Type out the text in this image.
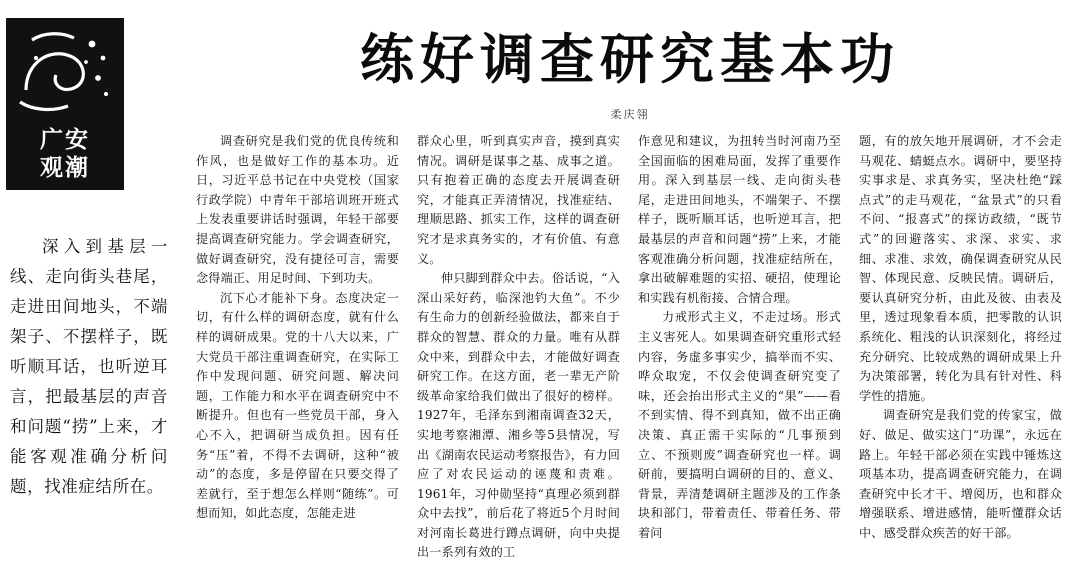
广安
观潮
深入到基层一线、走向街头巷尾，走进田间地头，不端架子、不摆样子，既听顺耳话，也听逆耳言，把最基层的声音和问题“捞”上来，才能客观准确分析问题，找准症结所在。
练好调查研究基本功
柔庆翎

调查研究是我们党的优良传统和作风，也是做好工作的基本功。近日，习近平总书记在中央党校（国家行政学院）中青年干部培训班开班式上发表重要讲话时强调，年轻干部要提高调查研究能力。学会调查研究，做好调查研究，没有捷径可言，需要念得端正、用足时间、下到功夫。

沉下心才能补下身。态度决定一切，有什么样的调研态度，就有什么样的调研成果。党的十八大以来，广大党员干部注重调查研究，在实际工作中发现问题、研究问题、解决问题，工作能力和水平在调查研究中不断提升。但也有一些党员干部，身入心不入，把调研当成负担。因有任务“压”着，不得不去调研，这种“被动”的态度，多是停留在只要交得了差就行，至于想怎么样则“随练”。可想而知，如此态度，怎能走进

群众心里，听到真实声音，摸到真实情况。调研是谋事之基、成事之道。只有抱着正确的态度去开展调查研究，才能真正弄清情况，找准症结、理顺思路、抓实工作，这样的调查研究才是求真务实的，才有价值、有意义。

伸只脚到群众中去。俗话说，“入深山采好药，临深池钓大鱼”。不少有生命力的创新经验做法，都来自于群众的智慧、群众的力量。唯有从群众中来，到群众中去，才能做好调查研究工作。在这方面，老一辈无产阶级革命家给我们做出了很好的榜样。1927年，毛泽东到湘南调查32天，实地考察湘潭、湘乡等5县情况，写出《湖南农民运动考察报告》，有力回应了对农民运动的诬蔑和责难。1961年，习仲勋坚持“真理必须到群众中去找”，前后花了将近5个月时间对河南长葛进行蹲点调研，向中央提出一系列有效的工

作意见和建议，为扭转当时河南乃至全国面临的困难局面，发挥了重要作用。深入到基层一线、走向街头巷尾，走进田间地头，不端架子、不摆样子，既听顺耳话，也听逆耳言，把最基层的声音和问题“捞”上来，才能客观准确分析问题，找准症结所在，拿出破解难题的实招、硬招，使理论和实践有机衔接、合情合理。

力戒形式主义，不走过场。形式主义害死人。如果调查研究重形式轻内容，务虚多事实少，搞举而不实、哗众取宠，不仅会使调查研究变了味，还会抬出形式主义的“果”——看不到实情、得不到真知，做不出正确决策、真正需干实际的“几事预到立、不预则废”调查研究也一样。调研前，要搞明白调研的目的、意义、背景，弄清楚调研主题涉及的工作条块和部门，带着责任、带着任务、带着问

题，有的放矢地开展调研，才不会走马观花、蜻蜓点水。调研中，要坚持实事求是、求真务实，坚决杜绝“踩点式”的走马观花，“盆景式”的只看不问、“报喜式”的探访政绩，“既节式”的回避落实、求深、求实、求细、求准、求效，确保调查研究从民智、体现民意、反映民情。调研后，要认真研究分析，由此及彼、由表及里，透过现象看本质，把零散的认识系统化、粗浅的认识深刻化，将经过充分研究、比较成熟的调研成果上升为决策部署，转化为具有针对性、科学性的措施。

调查研究是我们党的传家宝，做好、做足、做实这门“功课”，永远在路上。年轻干部必须在实践中锤炼这项基本功，提高调查研究能力，在调查研究中长才干、增阅历，也和群众增强联系、增进感情，能听懂群众话中、感受群众疾苦的好干部。
